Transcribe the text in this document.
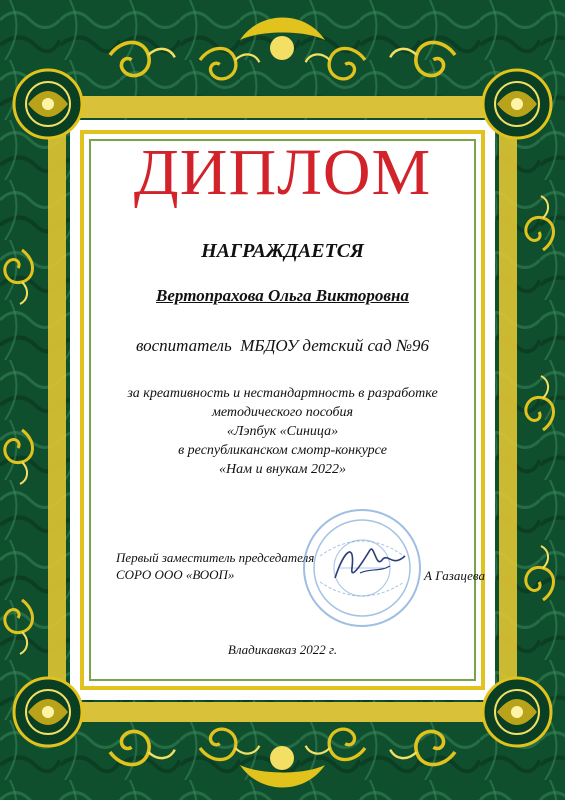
ДИПЛОМ
НАГРАЖДАЕТСЯ
Вертопрахова Ольга Викторовна
воспитатель  МБДОУ детский сад №96
за креативность и нестандартность в разработке
методического пособия
«Лэпбук «Синица»
в республиканском смотр-конкурсе
«Нам и внукам 2022»
Первый заместитель председателя
СОРО ООО «ВООП»	А Газацева
Владикавказ 2022 г.
